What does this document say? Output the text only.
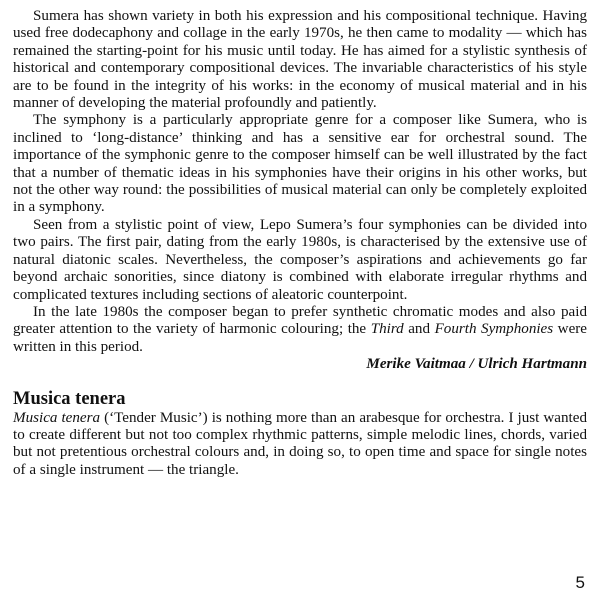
Sumera has shown variety in both his expression and his compositional technique. Having used free dodecaphony and collage in the early 1970s, he then came to modality — which has remained the starting-point for his music until today. He has aimed for a stylistic synthesis of historical and contemporary compositional devices. The invariable characteristics of his style are to be found in the integrity of his works: in the economy of musical material and in his manner of developing the material profoundly and patiently.

The symphony is a particularly appropriate genre for a composer like Sumera, who is inclined to ‘long-distance’ thinking and has a sensitive ear for orchestral sound. The importance of the symphonic genre to the composer himself can be well illustrated by the fact that a number of thematic ideas in his symphonies have their origins in his other works, but not the other way round: the possibilities of musical material can only be completely exploited in a symphony.

Seen from a stylistic point of view, Lepo Sumera’s four symphonies can be divided into two pairs. The first pair, dating from the early 1980s, is characterised by the extensive use of natural diatonic scales. Nevertheless, the composer’s aspirations and achievements go far beyond archaic sonorities, since diatony is combined with elaborate irregular rhythms and complicated textures including sections of aleatoric counterpoint.

In the late 1980s the composer began to prefer synthetic chromatic modes and also paid greater attention to the variety of harmonic colouring; the Third and Fourth Symphonies were written in this period.

Merike Vaitmaa / Ulrich Hartmann

Musica tenera

Musica tenera (‘Tender Music’) is nothing more than an arabesque for orchestra. I just wanted to create different but not too complex rhythmic patterns, simple melodic lines, chords, varied but not pretentious orchestral colours and, in doing so, to open time and space for single notes of a single instrument — the triangle.

5
